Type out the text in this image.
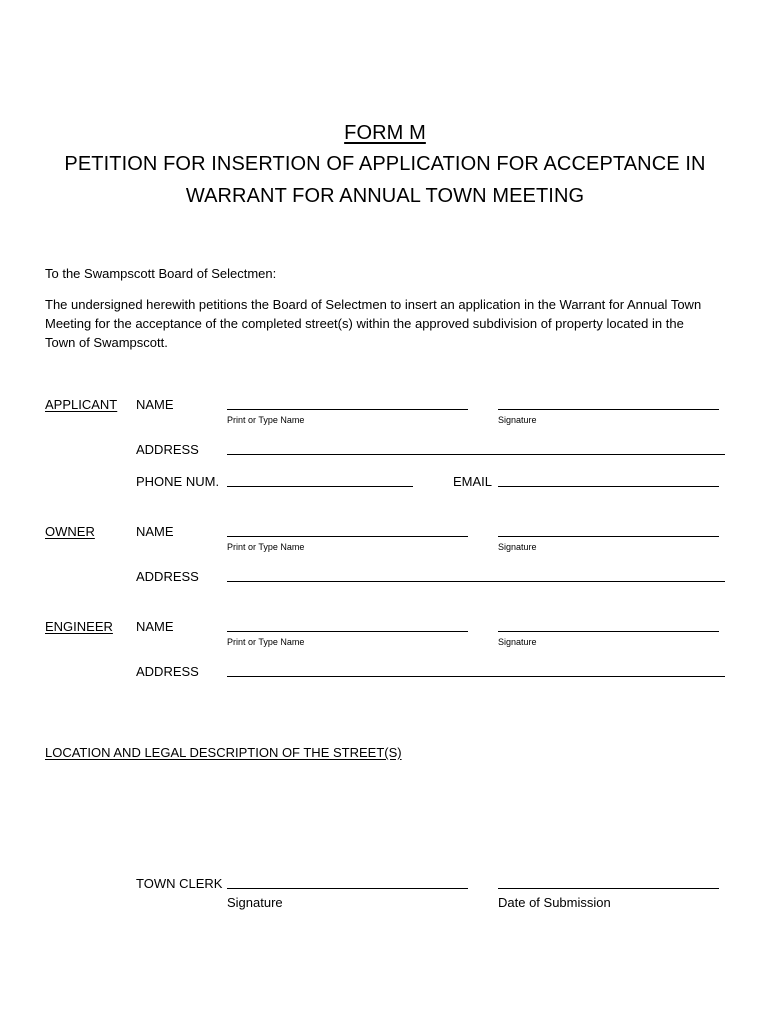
FORM M
PETITION FOR INSERTION OF APPLICATION FOR ACCEPTANCE IN
WARRANT FOR ANNUAL TOWN MEETING
To the Swampscott Board of Selectmen:
The undersigned herewith petitions the Board of Selectmen to insert an application in the Warrant for Annual Town
Meeting for the acceptance of the completed street(s) within the approved subdivision of property located in the
Town of Swampscott.
APPLICANT NAME
Print or Type Name	Signature
ADDRESS
PHONE NUM.	EMAIL
OWNER	NAME
Print or Type Name	Signature
ADDRESS
ENGINEER NAME
Print or Type Name	Signature
ADDRESS
LOCATION AND LEGAL DESCRIPTION OF THE STREET(S)
TOWN CLERK
Signature	Date of Submission
